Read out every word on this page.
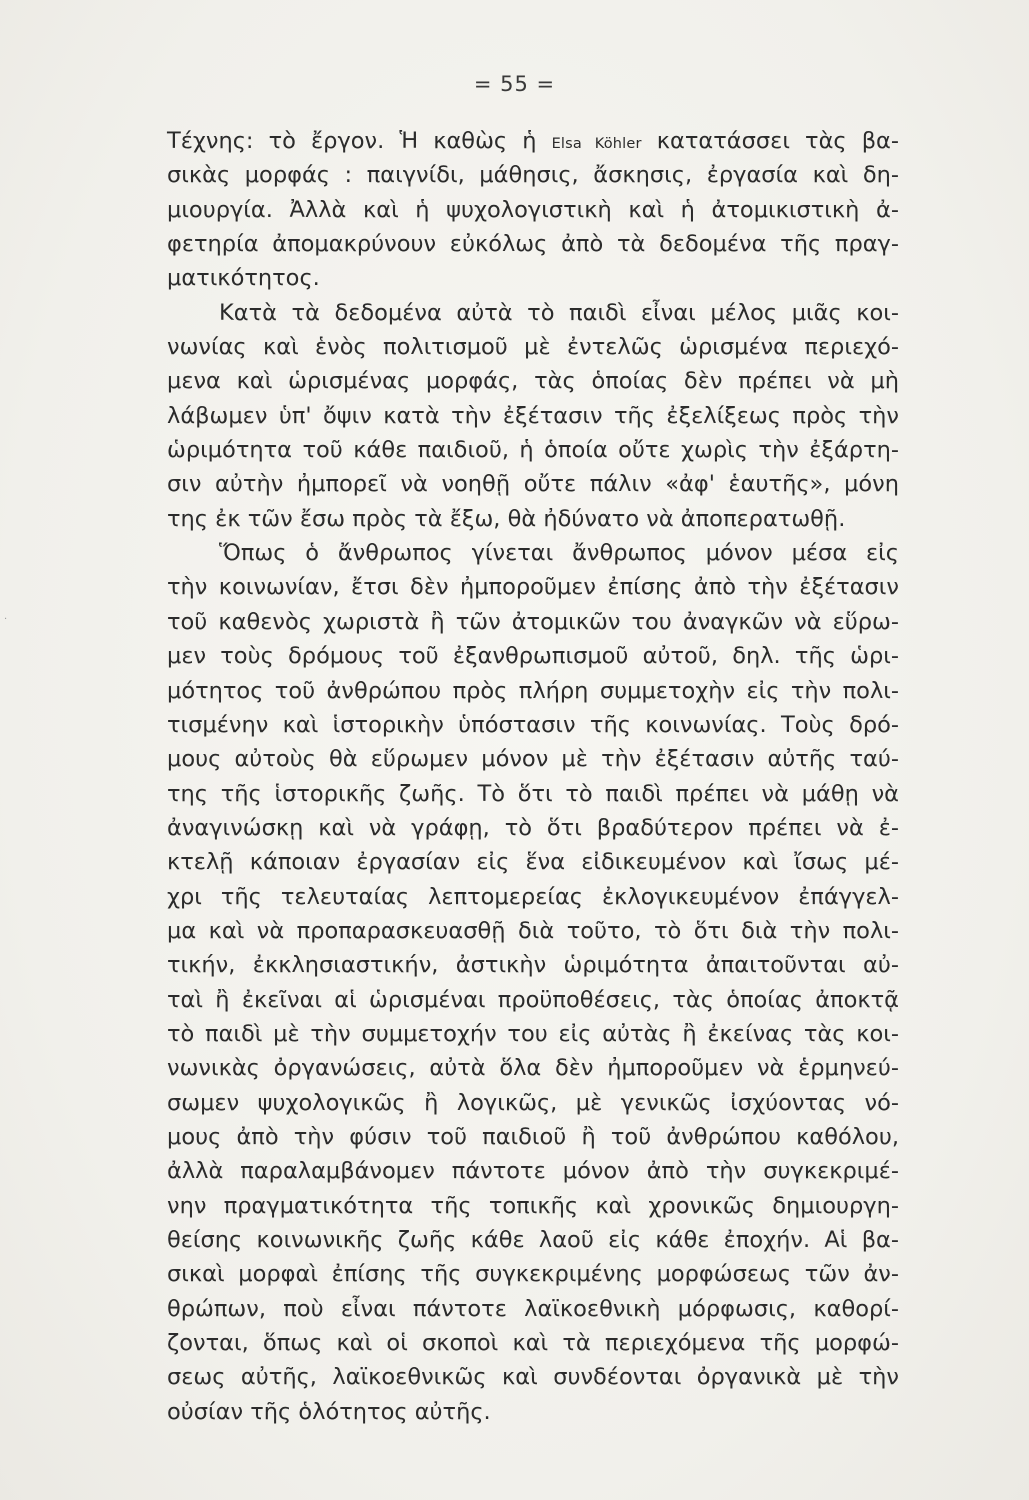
= 55 =
Τέχνης: τὸ ἔργον. Ἡ καθὼς ἡ Elsa Köhler κατατάσσει τὰς βα-
σικὰς μορφάς : παιγνίδι, μάθησις, ἄσκησις, ἐργασία καὶ δη-
μιουργία. Ἀλλὰ καὶ ἡ ψυχολογιστικὴ καὶ ἡ ἀτομικιστικὴ ἀ-
φετηρία ἀπομακρύνουν εὐκόλως ἀπὸ τὰ δεδομένα τῆς πραγ-
ματικότητος.
Κατὰ τὰ δεδομένα αὐτὰ τὸ παιδὶ εἶναι μέλος μιᾶς κοι-
νωνίας καὶ ἑνὸς πολιτισμοῦ μὲ ἐντελῶς ὡρισμένα περιεχό-
μενα καὶ ὡρισμένας μορφάς, τὰς ὁποίας δὲν πρέπει νὰ μὴ
λάβωμεν ὑπ' ὄψιν κατὰ τὴν ἐξέτασιν τῆς ἐξελίξεως πρὸς τὴν
ὡριμότητα τοῦ κάθε παιδιοῦ, ἡ ὁποία οὔτε χωρὶς τὴν ἐξάρτη-
σιν αὐτὴν ἠμπορεῖ νὰ νοηθῇ οὔτε πάλιν «ἀφ' ἑαυτῆς», μόνη
της ἐκ τῶν ἔσω πρὸς τὰ ἔξω, θὰ ἠδύνατο νὰ ἀποπερατωθῇ.
Ὅπως ὁ ἄνθρωπος γίνεται ἄνθρωπος μόνον μέσα εἰς
τὴν κοινωνίαν, ἔτσι δὲν ἠμποροῦμεν ἐπίσης ἀπὸ τὴν ἐξέτασιν
τοῦ καθενὸς χωριστὰ ἢ τῶν ἀτομικῶν του ἀναγκῶν νὰ εὕρω-
μεν τοὺς δρόμους τοῦ ἐξανθρωπισμοῦ αὐτοῦ, δηλ. τῆς ὡρι-
μότητος τοῦ ἀνθρώπου πρὸς πλήρη συμμετοχὴν εἰς τὴν πολι-
τισμένην καὶ ἱστορικὴν ὑπόστασιν τῆς κοινωνίας. Τοὺς δρό-
μους αὐτοὺς θὰ εὕρωμεν μόνον μὲ τὴν ἐξέτασιν αὐτῆς ταύ-
της τῆς ἱστορικῆς ζωῆς. Τὸ ὅτι τὸ παιδὶ πρέπει νὰ μάθῃ νὰ
ἀναγινώσκῃ καὶ νὰ γράφῃ, τὸ ὅτι βραδύτερον πρέπει νὰ ἐ-
κτελῇ κάποιαν ἐργασίαν εἰς ἕνα εἰδικευμένον καὶ ἴσως μέ-
χρι τῆς τελευταίας λεπτομερείας ἐκλογικευμένον ἐπάγγελ-
μα καὶ νὰ προπαρασκευασθῇ διὰ τοῦτο, τὸ ὅτι διὰ τὴν πολι-
τικήν, ἐκκλησιαστικήν, ἀστικὴν ὡριμότητα ἀπαιτοῦνται αὐ-
ταὶ ἢ ἐκεῖναι αἱ ὡρισμέναι προϋποθέσεις, τὰς ὁποίας ἀποκτᾷ
τὸ παιδὶ μὲ τὴν συμμετοχήν του εἰς αὐτὰς ἢ ἐκείνας τὰς κοι-
νωνικὰς ὀργανώσεις, αὐτὰ ὅλα δὲν ἠμποροῦμεν νὰ ἑρμηνεύ-
σωμεν ψυχολογικῶς ἢ λογικῶς, μὲ γενικῶς ἰσχύοντας νό-
μους ἀπὸ τὴν φύσιν τοῦ παιδιοῦ ἢ τοῦ ἀνθρώπου καθόλου,
ἀλλὰ παραλαμβάνομεν πάντοτε μόνον ἀπὸ τὴν συγκεκριμέ-
νην πραγματικότητα τῆς τοπικῆς καὶ χρονικῶς δημιουργη-
θείσης κοινωνικῆς ζωῆς κάθε λαοῦ εἰς κάθε ἐποχήν. Αἱ βα-
σικαὶ μορφαὶ ἐπίσης τῆς συγκεκριμένης μορφώσεως τῶν ἀν-
θρώπων, ποὺ εἶναι πάντοτε λαϊκοεθνικὴ μόρφωσις, καθορί-
ζονται, ὅπως καὶ οἱ σκοποὶ καὶ τὰ περιεχόμενα τῆς μορφώ-
σεως αὐτῆς, λαϊκοεθνικῶς καὶ συνδέονται ὀργανικὰ μὲ τὴν
οὐσίαν τῆς ὁλότητος αὐτῆς.
·
